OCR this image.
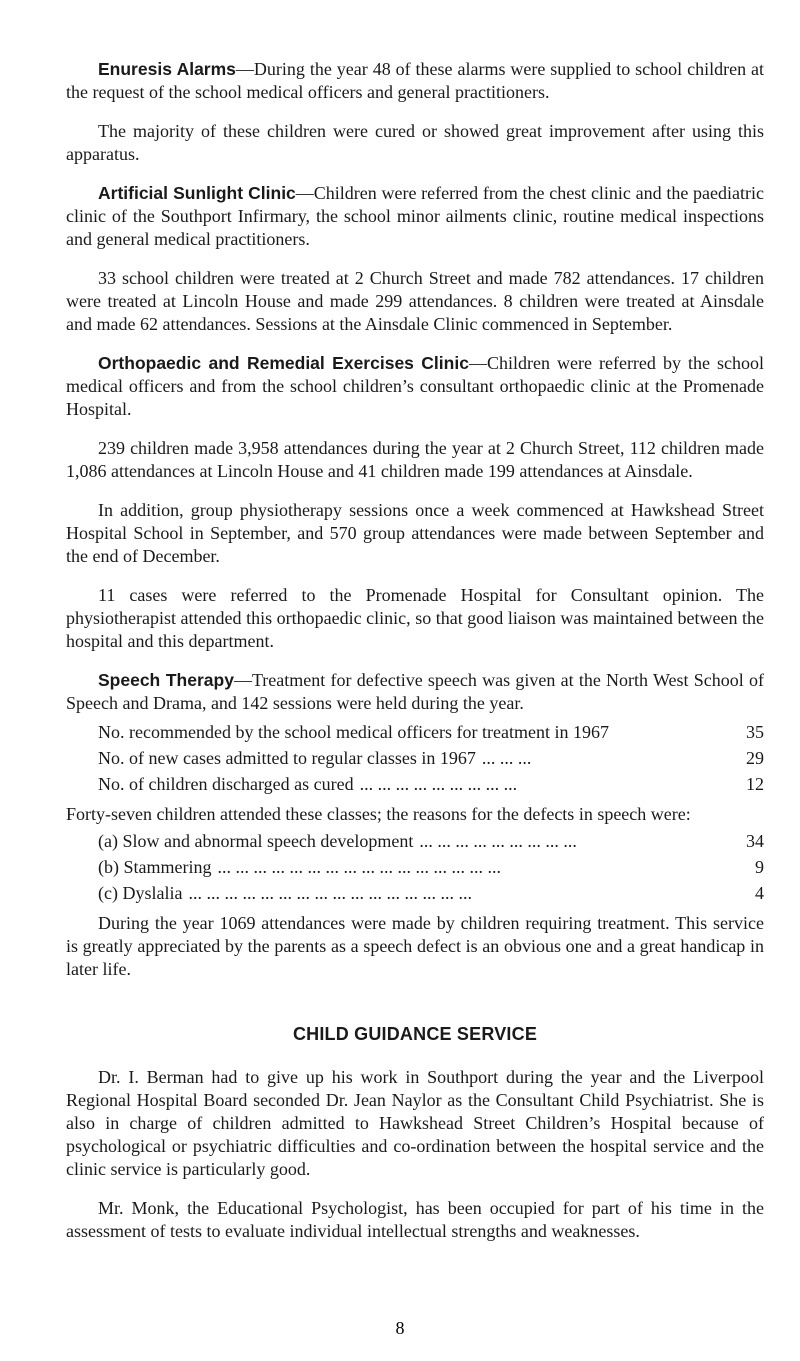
Enuresis Alarms—During the year 48 of these alarms were supplied to school children at the request of the school medical officers and general practitioners.

The majority of these children were cured or showed great improvement after using this apparatus.

Artificial Sunlight Clinic—Children were referred from the chest clinic and the paediatric clinic of the Southport Infirmary, the school minor ailments clinic, routine medical inspections and general medical practitioners.

33 school children were treated at 2 Church Street and made 782 attendances. 17 children were treated at Lincoln House and made 299 attendances. 8 children were treated at Ainsdale and made 62 attendances. Sessions at the Ainsdale Clinic commenced in September.

Orthopaedic and Remedial Exercises Clinic—Children were referred by the school medical officers and from the school children’s consultant orthopaedic clinic at the Promenade Hospital.

239 children made 3,958 attendances during the year at 2 Church Street, 112 children made 1,086 attendances at Lincoln House and 41 children made 199 attendances at Ainsdale.

In addition, group physiotherapy sessions once a week commenced at Hawkshead Street Hospital School in September, and 570 group attendances were made between September and the end of December.

11 cases were referred to the Promenade Hospital for Consultant opinion. The physiotherapist attended this orthopaedic clinic, so that good liaison was maintained between the hospital and this department.

Speech Therapy—Treatment for defective speech was given at the North West School of Speech and Drama, and 142 sessions were held during the year.

No. recommended by the school medical officers for treatment in 1967	35
No. of new cases admitted to regular classes in 1967 ... ... ...	29
No. of children discharged as cured ... ... ... ... ... ... ... ... ...	12

Forty-seven children attended these classes; the reasons for the defects in speech were:

(a) Slow and abnormal speech development ... ... ... ... ... ... ... ... ...	34
(b) Stammering ... ... ... ... ... ... ... ... ... ... ... ... ... ... ... ...	9
(c) Dyslalia ... ... ... ... ... ... ... ... ... ... ... ... ... ... ... ...	4

During the year 1069 attendances were made by children requiring treatment. This service is greatly appreciated by the parents as a speech defect is an obvious one and a great handicap in later life.

CHILD GUIDANCE SERVICE

Dr. I. Berman had to give up his work in Southport during the year and the Liverpool Regional Hospital Board seconded Dr. Jean Naylor as the Consultant Child Psychiatrist. She is also in charge of children admitted to Hawkshead Street Children’s Hospital because of psychological or psychiatric difficulties and co-ordination between the hospital service and the clinic service is particularly good.

Mr. Monk, the Educational Psychologist, has been occupied for part of his time in the assessment of tests to evaluate individual intellectual strengths and weaknesses.

8
